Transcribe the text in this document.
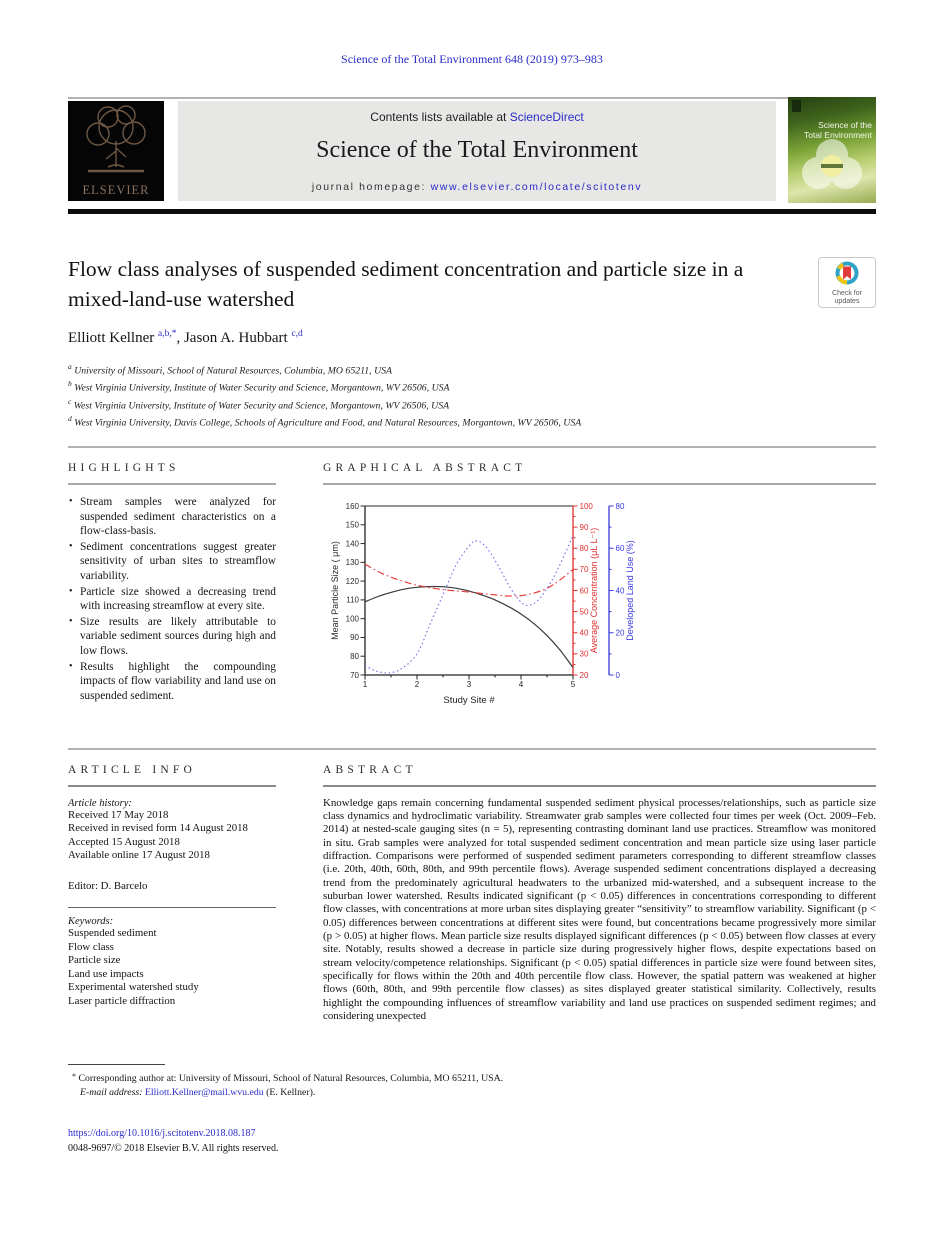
Science of the Total Environment 648 (2019) 973–983
ELSEVIER
Contents lists available at ScienceDirect
Science of the Total Environment
journal homepage: www.elsevier.com/locate/scitotenv
Science of the
Total Environment
Flow class analyses of suspended sediment concentration and particle size in a mixed-land-use watershed	Check for
updates
Elliott Kellner $^{a,b,*}$, Jason A. Hubbart $^{c,d}$
$^a$ University of Missouri, School of Natural Resources, Columbia, MO 65211, USA
$^b$ West Virginia University, Institute of Water Security and Science, Morgantown, WV 26506, USA
$^c$ West Virginia University, Institute of Water Security and Science, Morgantown, WV 26506, USA
$^d$ West Virginia University, Davis College, Schools of Agriculture and Food, and Natural Resources, Morgantown, WV 26506, USA
HIGHLIGHTS
• Stream samples were analyzed for suspended sediment characteristics on a flow-class-basis.
• Sediment concentrations suggest greater sensitivity of urban sites to streamflow variability.
• Particle size showed a decreasing trend with increasing streamflow at every site.
• Size results are likely attributable to variable sediment sources during high and low flows.
• Results highlight the compounding impacts of flow variability and land use on suspended sediment.
GRAPHICAL ABSTRACT
1	2	3	4	5
70
80
90
100
110
120
130
140
150
160
20
30
40
50
60
70
80
90
100
0
20
40
60
80
Mean Particle Size ( μm)	Average Concentration (μL L⁻¹)	Developed Land Use (%)
Study Site #
ARTICLE INFO
Article history:
Received 17 May 2018
Received in revised form 14 August 2018
Accepted 15 August 2018
Available online 17 August 2018
Editor: D. Barcelo
Keywords:
Suspended sediment
Flow class
Particle size
Land use impacts
Experimental watershed study
Laser particle diffraction
ABSTRACT
Knowledge gaps remain concerning fundamental suspended sediment physical processes/relationships, such as particle size class dynamics and hydroclimatic variability. Streamwater grab samples were collected four times per week (Oct. 2009–Feb. 2014) at nested-scale gauging sites (n = 5), representing contrasting dominant land use practices. Streamflow was monitored in situ. Grab samples were analyzed for total suspended sediment concentration and mean particle size using laser particle diffraction. Comparisons were performed of suspended sediment parameters corresponding to different streamflow classes (i.e. 20th, 40th, 60th, 80th, and 99th percentile flows). Average suspended sediment concentrations displayed a decreasing trend from the predominately agricultural headwaters to the urbanized mid-watershed, and a subsequent increase to the suburban lower watershed. Results indicated significant (p < 0.05) differences in concentrations corresponding to different flow classes, with concentrations at more urban sites displaying greater “sensitivity” to streamflow variability. Significant (p < 0.05) differences between concentrations at different sites were found, but concentrations became progressively more similar (p > 0.05) at higher flows. Mean particle size results displayed significant differences (p < 0.05) between flow classes at every site. Notably, results showed a decrease in particle size during progressively higher flows, despite expectations based on stream velocity/competence relationships. Significant (p < 0.05) spatial differences in particle size were found between sites, specifically for flows within the 20th and 40th percentile flow class. However, the spatial pattern was weakened at higher flows (60th, 80th, and 99th percentile flow classes) as sites displayed greater statistical similarity. Collectively, results highlight the compounding influences of streamflow variability and land use practices on suspended sediment regimes; and considering unexpected
* Corresponding author at: University of Missouri, School of Natural Resources, Columbia, MO 65211, USA.
E-mail address: Elliott.Kellner@mail.wvu.edu (E. Kellner).
https://doi.org/10.1016/j.scitotenv.2018.08.187
0048-9697/© 2018 Elsevier B.V. All rights reserved.
